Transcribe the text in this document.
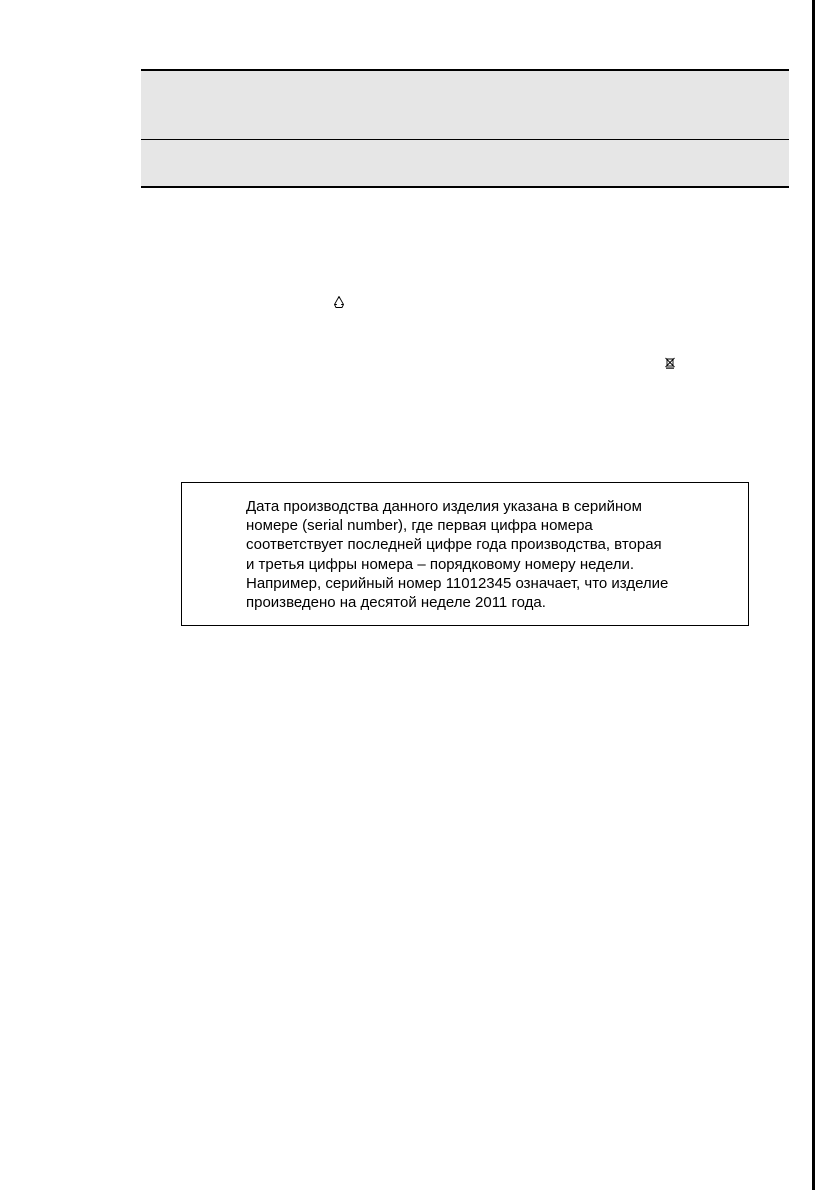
Дата производства данного изделия указана в серийном
номере (serial number), где первая цифра номера
соответствует последней цифре года производства, вторая
и третья цифры номера – порядковому номеру недели.
Например, серийный номер 11012345 означает, что изделие
произведено на десятой неделе 2011 года.
